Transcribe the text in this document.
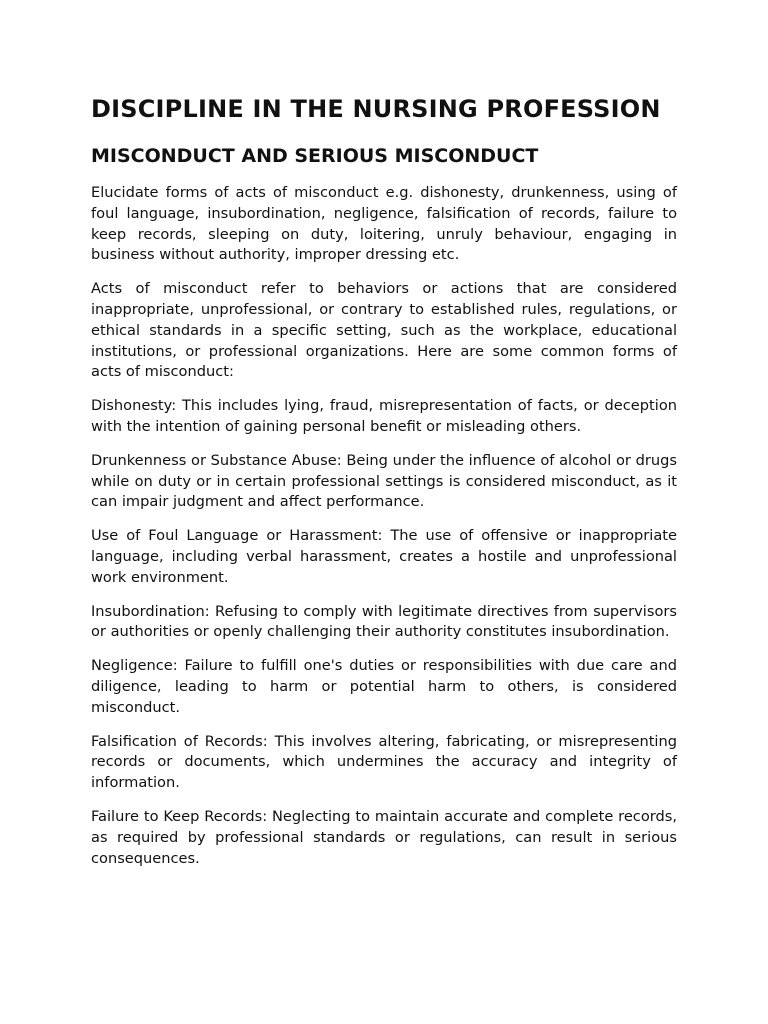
DISCIPLINE IN THE NURSING PROFESSION
MISCONDUCT AND SERIOUS MISCONDUCT

Elucidate forms of acts of misconduct e.g. dishonesty, drunkenness, using of foul language, insubordination, negligence, falsification of records, failure to keep records, sleeping on duty, loitering, unruly behaviour, engaging in business without authority, improper dressing etc.

Acts of misconduct refer to behaviors or actions that are considered inappropriate, unprofessional, or contrary to established rules, regulations, or ethical standards in a specific setting, such as the workplace, educational institutions, or professional organizations. Here are some common forms of acts of misconduct:

Dishonesty: This includes lying, fraud, misrepresentation of facts, or deception with the intention of gaining personal benefit or misleading others.

Drunkenness or Substance Abuse: Being under the influence of alcohol or drugs while on duty or in certain professional settings is considered misconduct, as it can impair judgment and affect performance.

Use of Foul Language or Harassment: The use of offensive or inappropriate language, including verbal harassment, creates a hostile and unprofessional work environment.

Insubordination: Refusing to comply with legitimate directives from supervisors or authorities or openly challenging their authority constitutes insubordination.

Negligence: Failure to fulfill one's duties or responsibilities with due care and diligence, leading to harm or potential harm to others, is considered misconduct.

Falsification of Records: This involves altering, fabricating, or misrepresenting records or documents, which undermines the accuracy and integrity of information.

Failure to Keep Records: Neglecting to maintain accurate and complete records, as required by professional standards or regulations, can result in serious consequences.
